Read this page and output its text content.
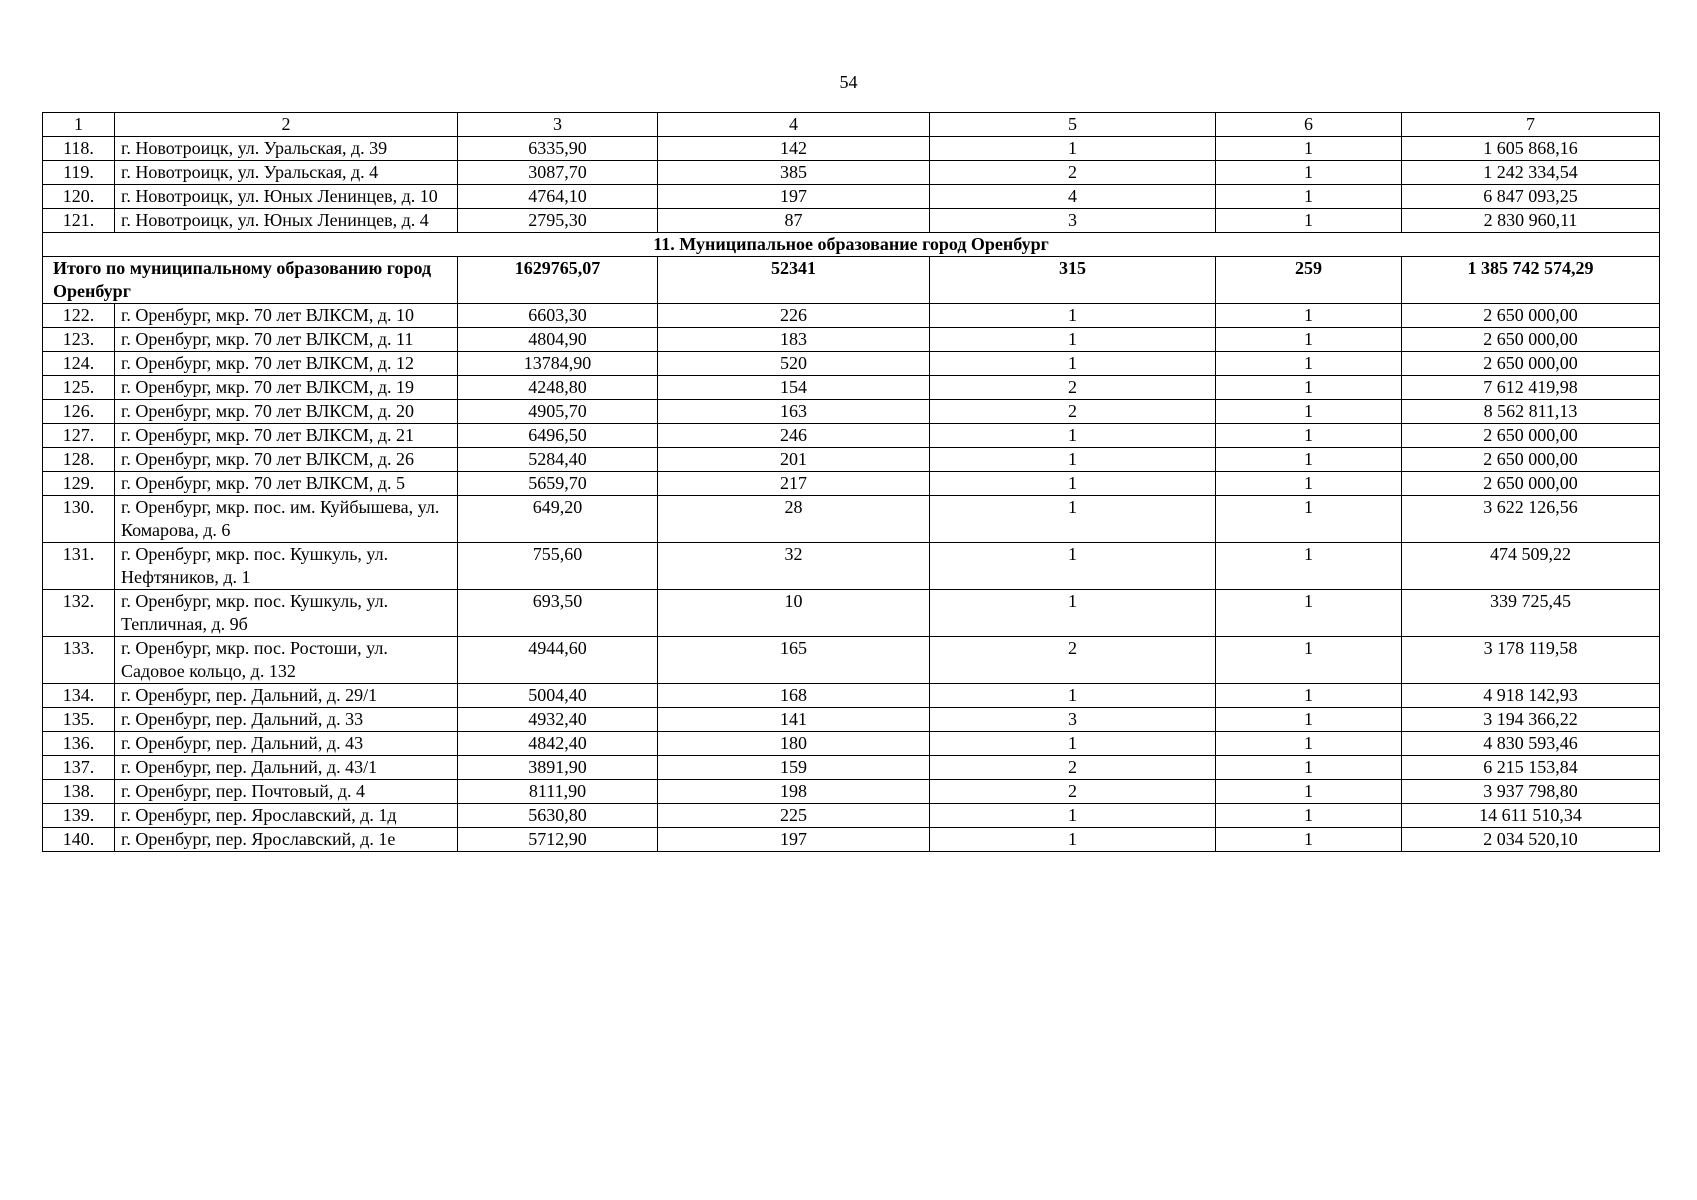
54
1	2	3	4	5	6	7
118.	г. Новотроицк, ул. Уральская, д. 39	6335,90	142	1	1	1 605 868,16
119.	г. Новотроицк, ул. Уральская, д. 4	3087,70	385	2	1	1 242 334,54
120.	г. Новотроицк, ул. Юных Ленинцев, д. 10	4764,10	197	4	1	6 847 093,25
121.	г. Новотроицк, ул. Юных Ленинцев, д. 4	2795,30	87	3	1	2 830 960,11
11. Муниципальное образование город Оренбург						
Итого по муниципальному образованию город Оренбург		1629765,07	52341	315	259	1 385 742 574,29
122.	г. Оренбург, мкр. 70 лет ВЛКСМ, д. 10	6603,30	226	1	1	2 650 000,00
123.	г. Оренбург, мкр. 70 лет ВЛКСМ, д. 11	4804,90	183	1	1	2 650 000,00
124.	г. Оренбург, мкр. 70 лет ВЛКСМ, д. 12	13784,90	520	1	1	2 650 000,00
125.	г. Оренбург, мкр. 70 лет ВЛКСМ, д. 19	4248,80	154	2	1	7 612 419,98
126.	г. Оренбург, мкр. 70 лет ВЛКСМ, д. 20	4905,70	163	2	1	8 562 811,13
127.	г. Оренбург, мкр. 70 лет ВЛКСМ, д. 21	6496,50	246	1	1	2 650 000,00
128.	г. Оренбург, мкр. 70 лет ВЛКСМ, д. 26	5284,40	201	1	1	2 650 000,00
129.	г. Оренбург, мкр. 70 лет ВЛКСМ, д. 5	5659,70	217	1	1	2 650 000,00
130.	г. Оренбург, мкр. пос. им. Куйбышева, ул. Комарова, д. 6	649,20	28	1	1	3 622 126,56
131.	г. Оренбург, мкр. пос. Кушкуль, ул. Нефтяников, д. 1	755,60	32	1	1	474 509,22
132.	г. Оренбург, мкр. пос. Кушкуль, ул. Тепличная, д. 9б	693,50	10	1	1	339 725,45
133.	г. Оренбург, мкр. пос. Ростоши, ул. Садовое кольцо, д. 132	4944,60	165	2	1	3 178 119,58
134.	г. Оренбург, пер. Дальний, д. 29/1	5004,40	168	1	1	4 918 142,93
135.	г. Оренбург, пер. Дальний, д. 33	4932,40	141	3	1	3 194 366,22
136.	г. Оренбург, пер. Дальний, д. 43	4842,40	180	1	1	4 830 593,46
137.	г. Оренбург, пер. Дальний, д. 43/1	3891,90	159	2	1	6 215 153,84
138.	г. Оренбург, пер. Почтовый, д. 4	8111,90	198	2	1	3 937 798,80
139.	г. Оренбург, пер. Ярославский, д. 1д	5630,80	225	1	1	14 611 510,34
140.	г. Оренбург, пер. Ярославский, д. 1е	5712,90	197	1	1	2 034 520,10
